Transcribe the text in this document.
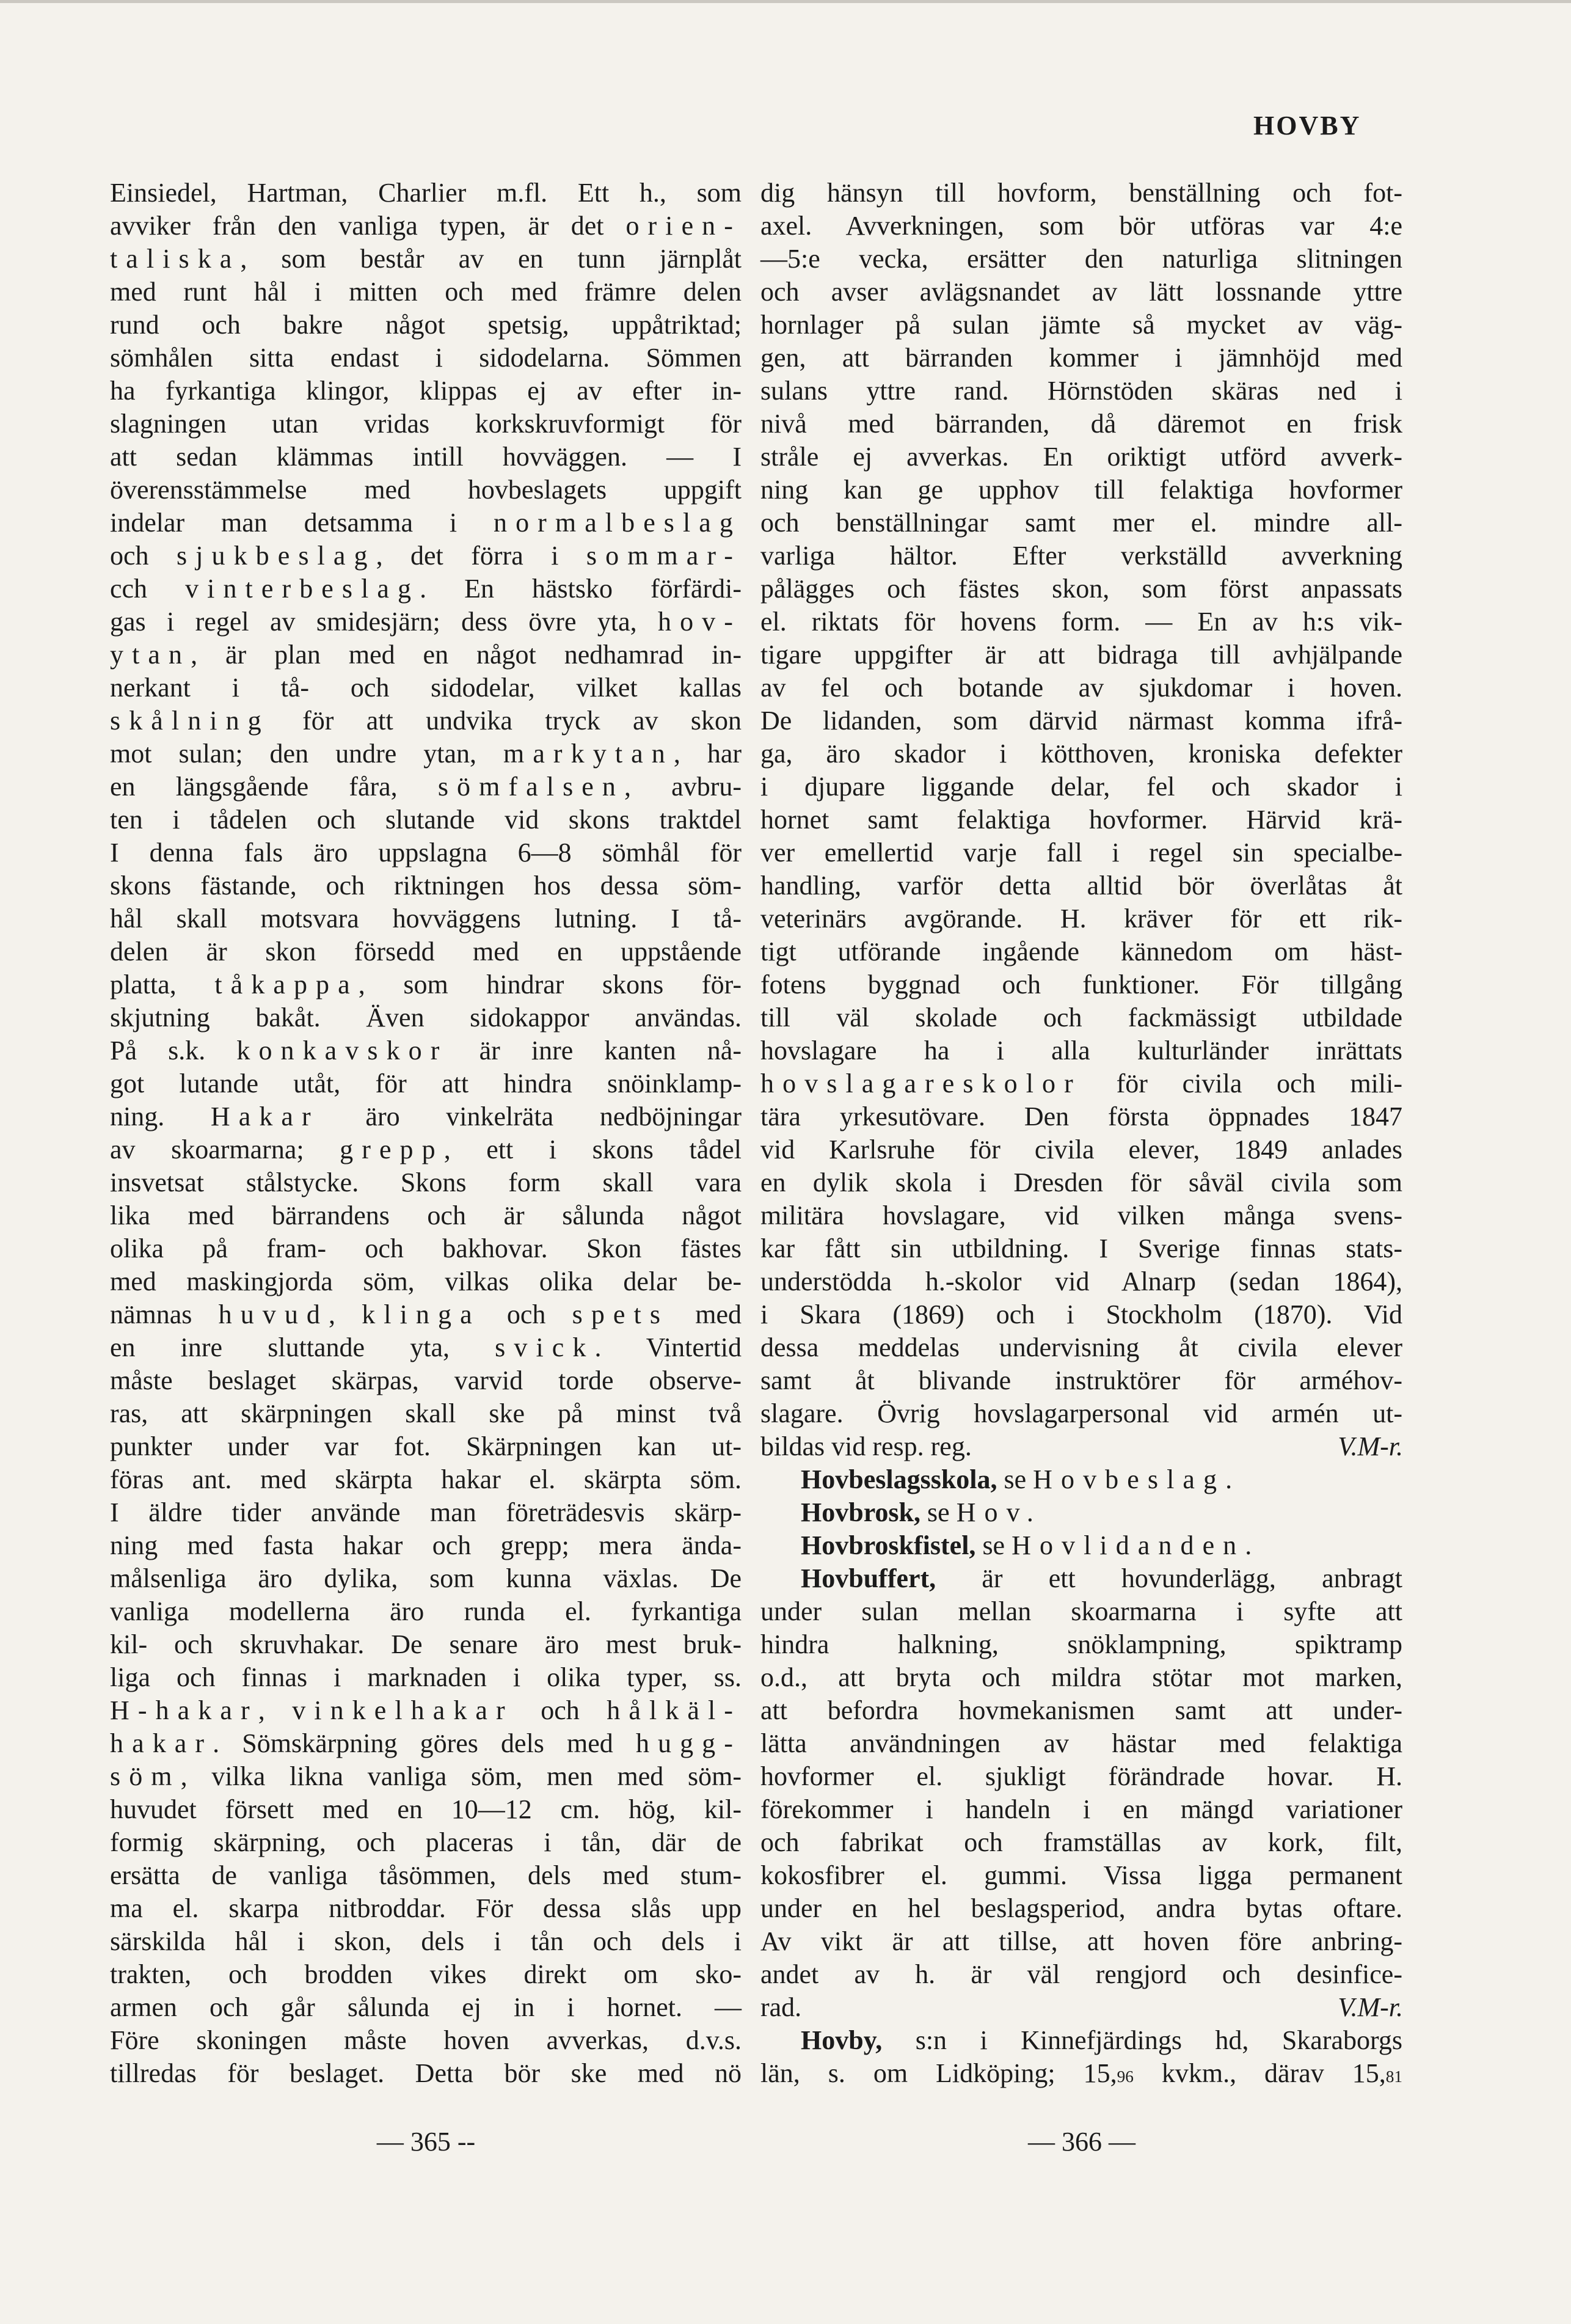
HOVBY
Einsiedel, Hartman, Charlier m.fl. Ett h., som
avviker från den vanliga typen, är det orien-
taliska, som består av en tunn järnplåt
med runt hål i mitten och med främre delen
rund och bakre något spetsig, uppåtriktad;
sömhålen sitta endast i sidodelarna. Sömmen
ha fyrkantiga klingor, klippas ej av efter in-
slagningen utan vridas korkskruvformigt för
att sedan klämmas intill hovväggen. — I
överensstämmelse med hovbeslagets uppgift
indelar man detsamma i normalbeslag
och sjukbeslag, det förra i sommar-
cch vinterbeslag. En hästsko förfärdi-
gas i regel av smidesjärn; dess övre yta, hov-
ytan, är plan med en något nedhamrad in-
nerkant i tå- och sidodelar, vilket kallas
skålning för att undvika tryck av skon
mot sulan; den undre ytan, markytan, har
en längsgående fåra, sömfalsen, avbru-
ten i tådelen och slutande vid skons traktdel
I denna fals äro uppslagna 6—8 sömhål för
skons fästande, och riktningen hos dessa söm-
hål skall motsvara hovväggens lutning. I tå-
delen är skon försedd med en uppstående
platta, tåkappa, som hindrar skons för-
skjutning bakåt. Även sidokappor användas.
På s.k. konkavskor är inre kanten nå-
got lutande utåt, för att hindra snöinklamp-
ning. Hakar äro vinkelräta nedböjningar
av skoarmarna; grepp, ett i skons tådel
insvetsat stålstycke. Skons form skall vara
lika med bärrandens och är sålunda något
olika på fram- och bakhovar. Skon fästes
med maskingjorda söm, vilkas olika delar be-
nämnas huvud, klinga och spets med
en inre sluttande yta, svick. Vintertid
måste beslaget skärpas, varvid torde observe-
ras, att skärpningen skall ske på minst två
punkter under var fot. Skärpningen kan ut-
föras ant. med skärpta hakar el. skärpta söm.
I äldre tider använde man företrädesvis skärp-
ning med fasta hakar och grepp; mera ända-
målsenliga äro dylika, som kunna växlas. De
vanliga modellerna äro runda el. fyrkantiga
kil- och skruvhakar. De senare äro mest bruk-
liga och finnas i marknaden i olika typer, ss.
H-hakar, vinkelhakar och hålkäl-
hakar. Sömskärpning göres dels med hugg-
söm, vilka likna vanliga söm, men med söm-
huvudet försett med en 10—12 cm. hög, kil-
formig skärpning, och placeras i tån, där de
ersätta de vanliga tåsömmen, dels med stum-
ma el. skarpa nitbroddar. För dessa slås upp
särskilda hål i skon, dels i tån och dels i
trakten, och brodden vikes direkt om sko-
armen och går sålunda ej in i hornet. —
Före skoningen måste hoven avverkas, d.v.s.
tillredas för beslaget. Detta bör ske med nö
dig hänsyn till hovform, benställning och fot-
axel. Avverkningen, som bör utföras var 4:e
—5:e vecka, ersätter den naturliga slitningen
och avser avlägsnandet av lätt lossnande yttre
hornlager på sulan jämte så mycket av väg-
gen, att bärranden kommer i jämnhöjd med
sulans yttre rand. Hörnstöden skäras ned i
nivå med bärranden, då däremot en frisk
stråle ej avverkas. En oriktigt utförd avverk-
ning kan ge upphov till felaktiga hovformer
och benställningar samt mer el. mindre all-
varliga hältor. Efter verkställd avverkning
pålägges och fästes skon, som först anpassats
el. riktats för hovens form. — En av h:s vik-
tigare uppgifter är att bidraga till avhjälpande
av fel och botande av sjukdomar i hoven.
De lidanden, som därvid närmast komma ifrå-
ga, äro skador i kötthoven, kroniska defekter
i djupare liggande delar, fel och skador i
hornet samt felaktiga hovformer. Härvid krä-
ver emellertid varje fall i regel sin specialbe-
handling, varför detta alltid bör överlåtas åt
veterinärs avgörande. H. kräver för ett rik-
tigt utförande ingående kännedom om häst-
fotens byggnad och funktioner. För tillgång
till väl skolade och fackmässigt utbildade
hovslagare ha i alla kulturländer inrättats
hovslagareskolor för civila och mili-
tära yrkesutövare. Den första öppnades 1847
vid Karlsruhe för civila elever, 1849 anlades
en dylik skola i Dresden för såväl civila som
militära hovslagare, vid vilken många svens-
kar fått sin utbildning. I Sverige finnas stats-
understödda h.-skolor vid Alnarp (sedan 1864),
i Skara (1869) och i Stockholm (1870). Vid
dessa meddelas undervisning åt civila elever
samt åt blivande instruktörer för arméhov-
slagare. Övrig hovslagarpersonal vid armén ut-
bildas vid resp. reg.	V.M-r.
Hovbeslagsskola, se Hovbeslag.
Hovbrosk, se Hov.
Hovbroskfistel, se Hovlidanden.
Hovbuffert, är ett hovunderlägg, anbragt
under sulan mellan skoarmarna i syfte att
hindra halkning, snöklampning, spiktramp
o.d., att bryta och mildra stötar mot marken,
att befordra hovmekanismen samt att under-
lätta användningen av hästar med felaktiga
hovformer el. sjukligt förändrade hovar. H.
förekommer i handeln i en mängd variationer
och fabrikat och framställas av kork, filt,
kokosfibrer el. gummi. Vissa ligga permanent
under en hel beslagsperiod, andra bytas oftare.
Av vikt är att tillse, att hoven före anbring-
andet av h. är väl rengjord och desinfice-
rad.	V.M-r.
Hovby, s:n i Kinnefjärdings hd, Skaraborgs
län, s. om Lidköping; 15,96 kvkm., därav 15,81
— 365 --	— 366 —
